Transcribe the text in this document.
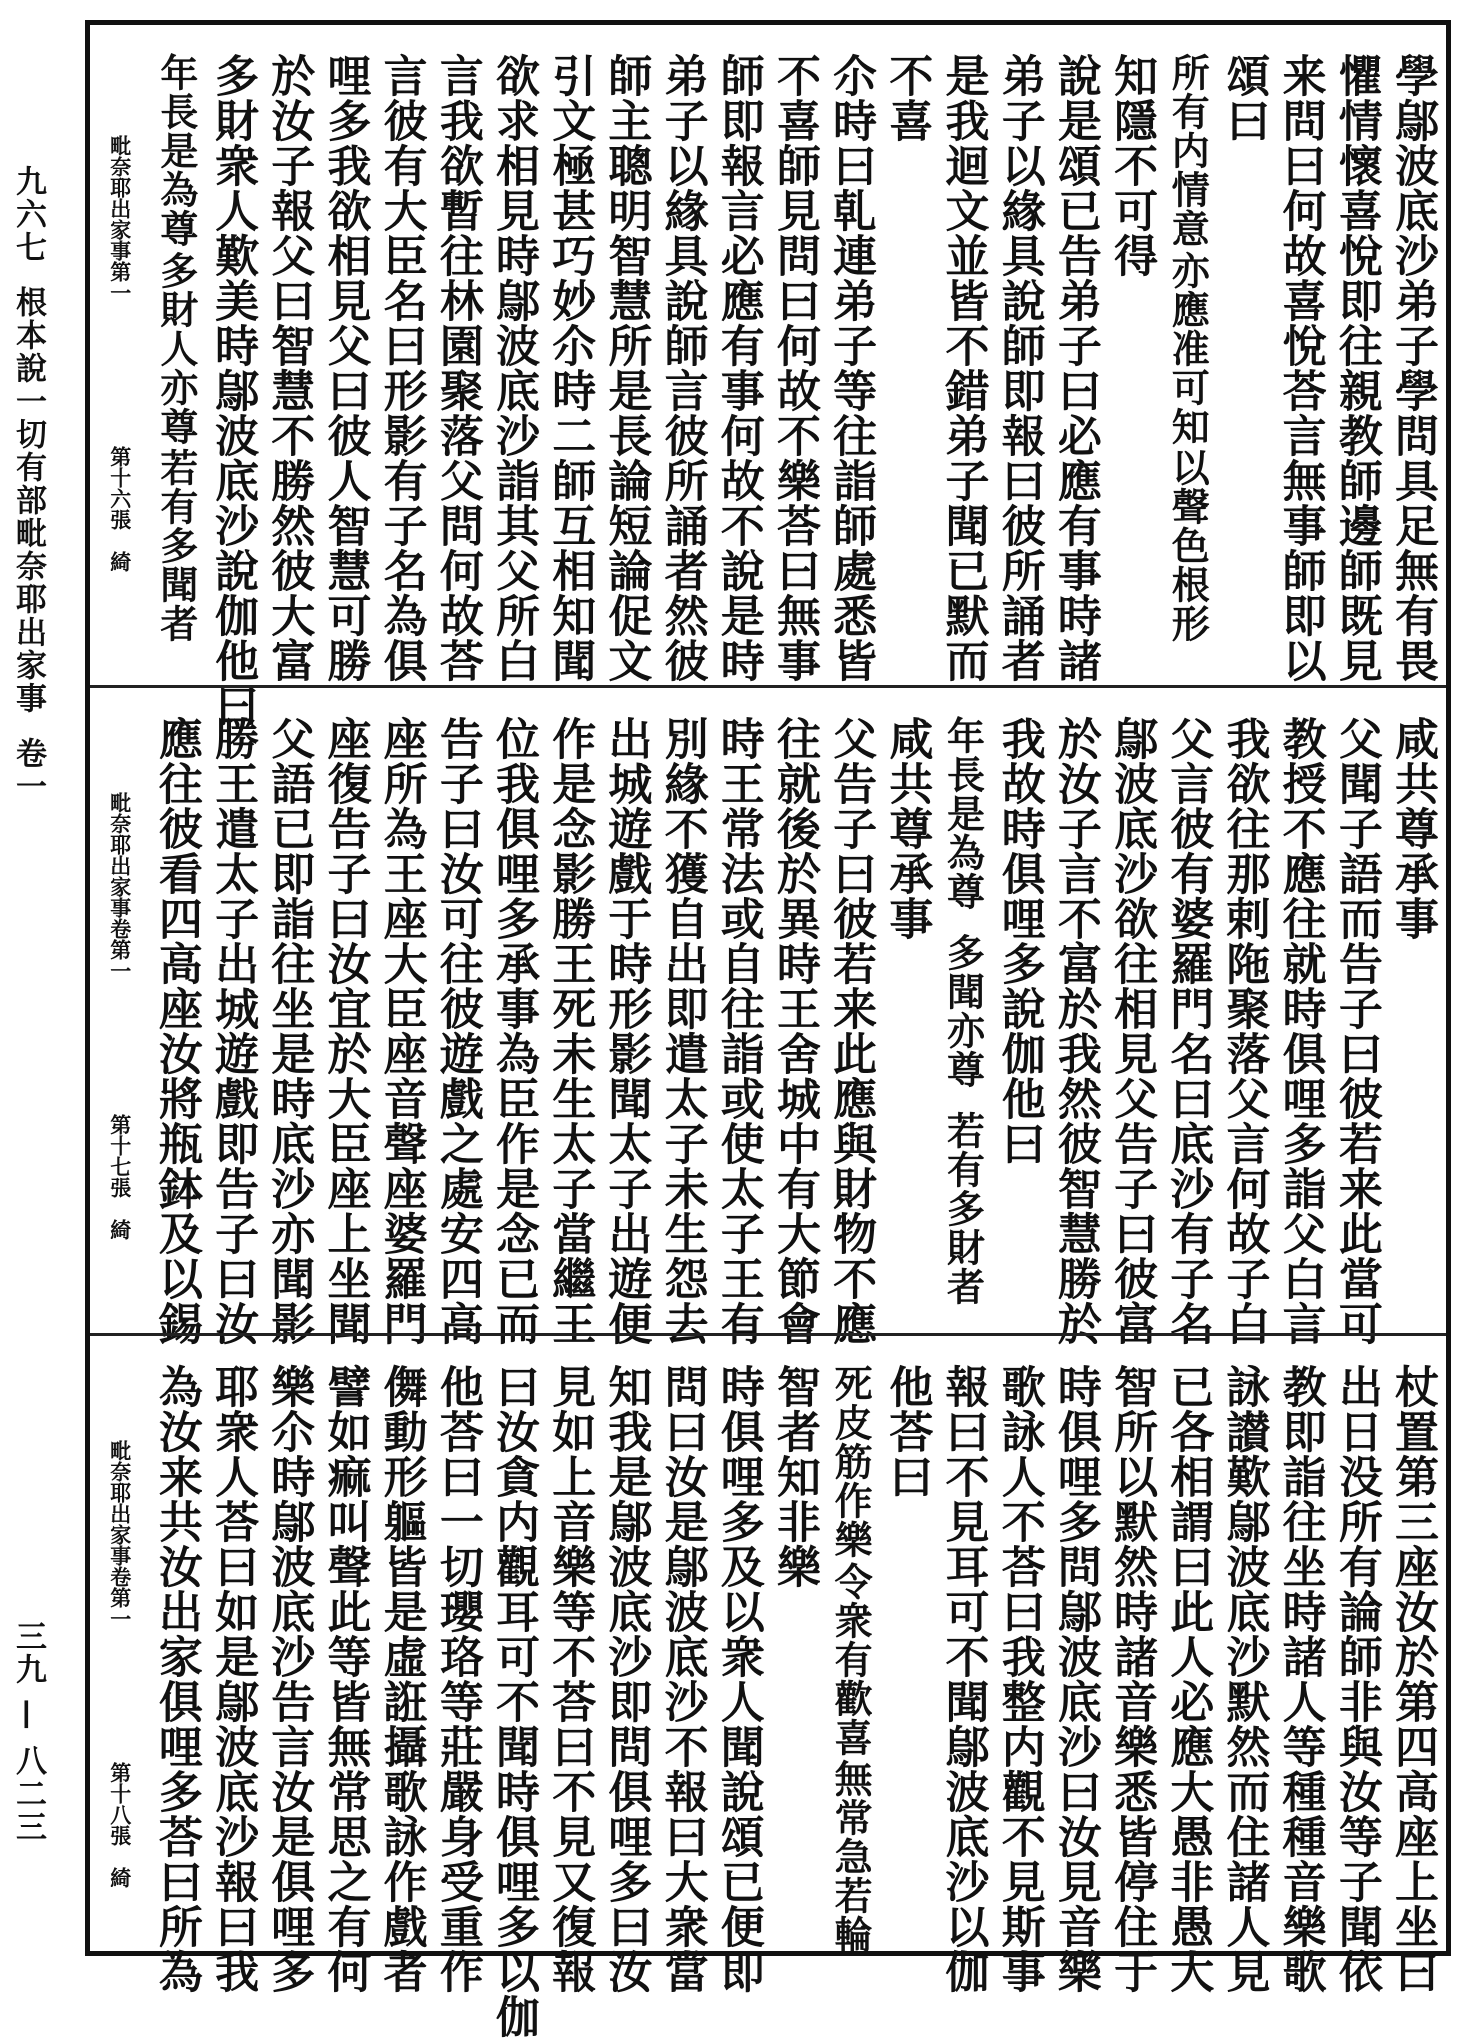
九六七根本說一切有部毗奈耶出家事卷一
三九 — 八二三
學鄔波底沙弟子學問具足無有畏
懼情懷喜悅即往親教師邊師既見
来問曰何故喜悅荅言無事師即以
頌曰
所有内情意
亦應准可知
以聲色根形
知隱不可得
說是頌已告弟子曰必應有事時諸
弟子以緣具說師即報曰彼所誦者
是我迴文並皆不錯弟子聞已默而
不喜
尒時曰乹連弟子等往詣師處悉皆
不喜師見問曰何故不樂荅曰無事
師即報言必應有事何故不說是時
弟子以緣具說師言彼所誦者然彼
師主聰明智慧所是長論短論促文
引文極甚巧妙尒時二師互相知聞
欲求相見時鄔波底沙詣其父所白
言我欲暫往林園聚落父問何故荅
言彼有大臣名曰形影有子名為俱
哩多我欲相見父曰彼人智慧可勝
於汝子報父曰智慧不勝然彼大富
多財衆人歎美時鄔波底沙說伽他曰
年長是為尊
多財人亦尊
若有多聞者
毗奈耶出家事第一
第十六張　綺
咸共尊承事
父聞子語而告子曰彼若来此當可
教授不應往就時俱哩多詣父白言
我欲往那剌陁聚落父言何故子白
父言彼有婆羅門名曰底沙有子名
鄔波底沙欲往相見父告子曰彼富
於汝子言不富於我然彼智慧勝於
我故時俱哩多說伽他曰
年長是為尊
多聞亦尊
若有多財者
咸共尊承事
父告子曰彼若来此應與財物不應
往就後於異時王舍城中有大節會
時王常法或自往詣或使太子王有
別緣不獲自出即遣太子未生怨去
出城遊戲于時形影聞太子出遊便
作是念影勝王死未生太子當繼王
位我俱哩多承事為臣作是念已而
告子曰汝可往彼遊戲之處安四高
座所為王座大臣座音聲座婆羅門
座復告子曰汝宜於大臣座上坐聞
父語已即詣往坐是時底沙亦聞影
勝王遣太子出城遊戲即告子曰汝
應往彼看四高座汝將瓶鉢及以錫
毗奈耶出家事卷第一
第十七張　綺
杖置第三座汝於第四高座上坐曰
出日没所有論師非與汝等子聞依
教即詣往坐時諸人等種種音樂歌
詠讃歎鄔波底沙默然而住諸人見
已各相謂曰此人必應大愚非愚大
智所以默然時諸音樂悉皆停住于
時俱哩多問鄔波底沙曰汝見音樂
歌詠人不荅曰我整内觀不見斯事
報曰不見耳可不聞鄔波底沙以伽
他荅曰
死皮筋作樂
令衆有歡喜
無常急若輪
智者知非樂
時俱哩多及以衆人聞說頌已便即
問曰汝是鄔波底沙不報曰大衆當
知我是鄔波底沙即問俱哩多曰汝
見如上音樂等不荅曰不見又復報
曰汝貪内觀耳可不聞時俱哩多以伽
他荅曰一切瓔珞等莊嚴身受重作
儛動形軀皆是虛誑攝歌詠作戲者
譬如痲叫聲此等皆無常思之有何
樂尒時鄔波底沙告言汝是俱哩多
耶衆人荅曰如是鄔波底沙報曰我
為汝来共汝出家俱哩多荅曰所為
毗奈耶出家事卷第一
第十八張　綺
